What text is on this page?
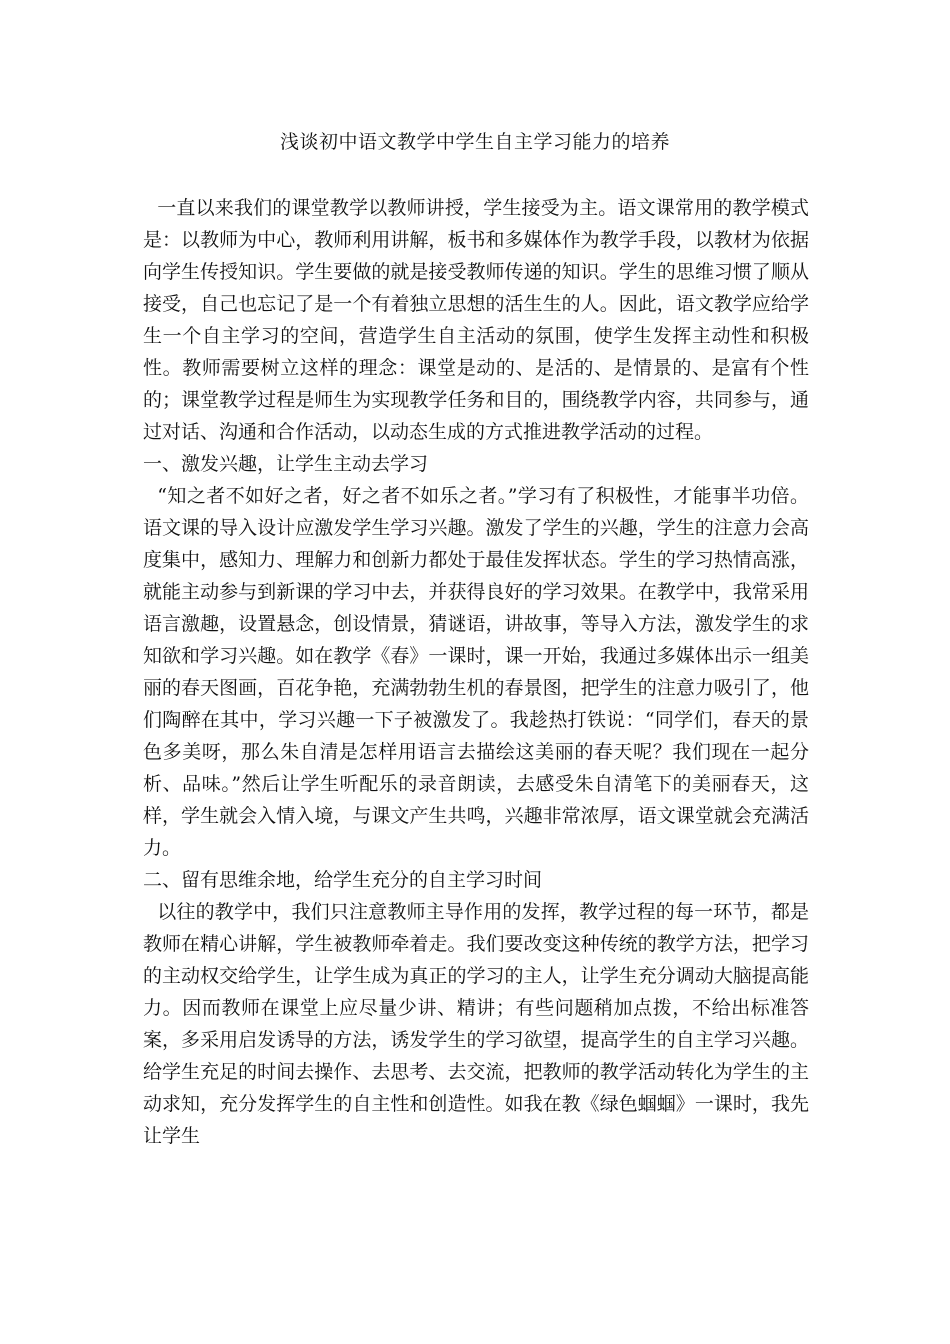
浅谈初中语文教学中学生自主学习能力的培养

一直以来我们的课堂教学以教师讲授，学生接受为主。语文课常用的教学模式是：以教师为中心，教师利用讲解，板书和多媒体作为教学手段，以教材为依据向学生传授知识。学生要做的就是接受教师传递的知识。学生的思维习惯了顺从接受，自己也忘记了是一个有着独立思想的活生生的人。因此，语文教学应给学生一个自主学习的空间，营造学生自主活动的氛围，使学生发挥主动性和积极性。教师需要树立这样的理念：课堂是动的、是活的、是情景的、是富有个性的；课堂教学过程是师生为实现教学任务和目的，围绕教学内容，共同参与，通过对话、沟通和合作活动，以动态生成的方式推进教学活动的过程。

一、激发兴趣，让学生主动去学习

“知之者不如好之者，好之者不如乐之者。”学习有了积极性，才能事半功倍。语文课的导入设计应激发学生学习兴趣。激发了学生的兴趣，学生的注意力会高度集中，感知力、理解力和创新力都处于最佳发挥状态。学生的学习热情高涨，就能主动参与到新课的学习中去，并获得良好的学习效果。在教学中，我常采用语言激趣，设置悬念，创设情景，猜谜语，讲故事，等导入方法，激发学生的求知欲和学习兴趣。如在教学《春》一课时，课一开始，我通过多媒体出示一组美丽的春天图画，百花争艳，充满勃勃生机的春景图，把学生的注意力吸引了，他们陶醉在其中，学习兴趣一下子被激发了。我趁热打铁说：“同学们，春天的景色多美呀，那么朱自清是怎样用语言去描绘这美丽的春天呢？我们现在一起分析、品味。”然后让学生听配乐的录音朗读，去感受朱自清笔下的美丽春天，这样，学生就会入情入境，与课文产生共鸣，兴趣非常浓厚，语文课堂就会充满活力。

二、留有思维余地，给学生充分的自主学习时间

以往的教学中，我们只注意教师主导作用的发挥，教学过程的每一环节，都是教师在精心讲解，学生被教师牵着走。我们要改变这种传统的教学方法，把学习的主动权交给学生，让学生成为真正的学习的主人，让学生充分调动大脑提高能力。因而教师在课堂上应尽量少讲、精讲；有些问题稍加点拨，不给出标准答案，多采用启发诱导的方法，诱发学生的学习欲望，提高学生的自主学习兴趣。给学生充足的时间去操作、去思考、去交流，把教师的教学活动转化为学生的主动求知，充分发挥学生的自主性和创造性。如我在教《绿色蝈蝈》一课时，我先让学生
